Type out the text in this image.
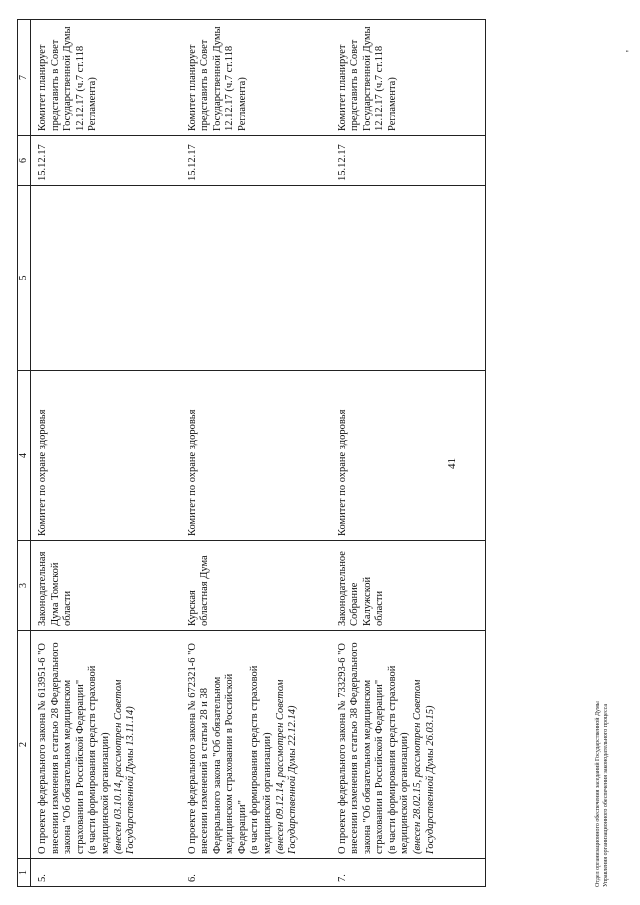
41
'
1	2	3	4	5	6	7
5.	О проекте федерального закона № 613951-6 "О внесении изменения в статью 28 Федерального закона "Об обязательном медицинском страховании в Российской Федерации" (в части формирования средств страховой медицинской организации) (внесен 03.10.14, рассмотрен Советом Государственной Думы 13.11.14)	Законодательная Дума Томской области	Комитет по охране здоровья		15.12.17	Комитет планирует представить в Совет Государственной Думы 12.12.17 (ч.7 ст.118 Регламента)
6.	О проекте федерального закона № 672321-6 "О внесении изменений в статьи 28 и 38 Федерального закона "Об обязательном медицинском страховании в Российской Федерации" (в части формирования средств страховой медицинской организации) (внесен 09.12.14, рассмотрен Советом Государственной Думы 22.12.14)	Курская областная Дума	Комитет по охране здоровья		15.12.17	Комитет планирует представить в Совет Государственной Думы 12.12.17 (ч.7 ст.118 Регламента)
7.	О проекте федерального закона № 733293-6 "О внесении изменения в статью 38 Федерального закона "Об обязательном медицинском страховании в Российской Федерации" (в части формирования средств страховой медицинской организации) (внесен 28.02.15, рассмотрен Советом Государственной Думы 26.03.15)	Законодательное Собрание Калужской области	Комитет по охране здоровья		15.12.17	Комитет планирует представить в Совет Государственной Думы 12.12.17 (ч.7 ст.118 Регламента)
Отдел организационного обеспечения заседаний Государственной Думы Управления организационного обеспечения законодательного процесса
